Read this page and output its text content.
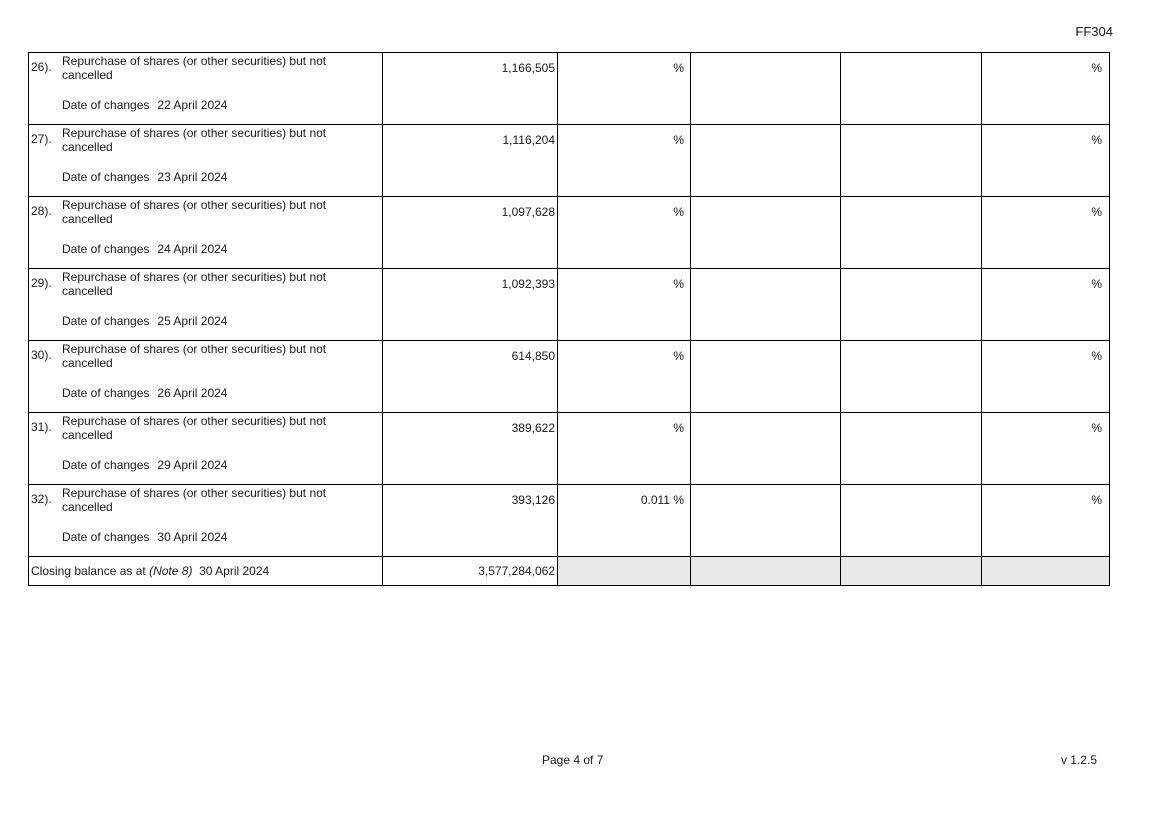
FF304
26). Repurchase of shares (or other securities) but not cancelled
Date of changes 22 April 2024	1,166,505	%			%

27). Repurchase of shares (or other securities) but not cancelled
Date of changes 23 April 2024	1,116,204	%			%

28). Repurchase of shares (or other securities) but not cancelled
Date of changes 24 April 2024	1,097,628	%			%

29). Repurchase of shares (or other securities) but not cancelled
Date of changes 25 April 2024	1,092,393	%			%

30). Repurchase of shares (or other securities) but not cancelled
Date of changes 26 April 2024	614,850	%			%

31). Repurchase of shares (or other securities) but not cancelled
Date of changes 29 April 2024	389,622	%			%

32). Repurchase of shares (or other securities) but not cancelled
Date of changes 30 April 2024	393,126	0.011 %			%
Closing balance as at (Note 8) 30 April 2024	3,577,284,062				
Page 4 of 7	v 1.2.5
